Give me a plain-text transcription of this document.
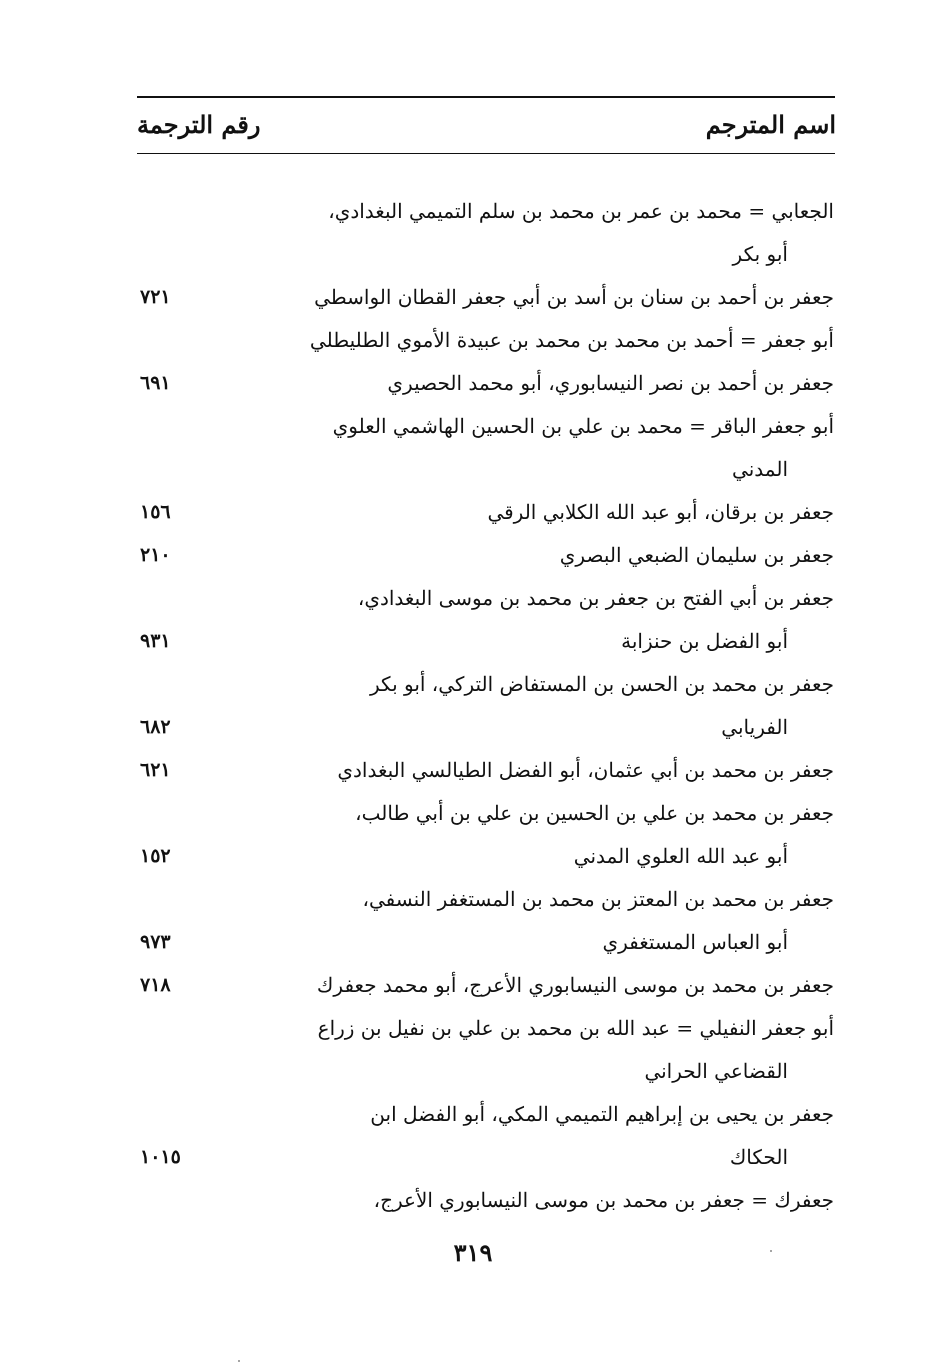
اسم المترجم
رقم الترجمة
الجعابي = محمد بن عمر بن محمد بن سلم التميمي البغدادي،
أبو بكر
جعفر بن أحمد بن سنان بن أسد بن أبي جعفر القطان الواسطي
٧٢١
أبو جعفر = أحمد بن محمد بن محمد بن عبيدة الأموي الطليطلي
جعفر بن أحمد بن نصر النيسابوري، أبو محمد الحصيري
٦٩١
أبو جعفر الباقر = محمد بن علي بن الحسين الهاشمي العلوي
المدني
جعفر بن برقان، أبو عبد الله الكلابي الرقي
١٥٦
جعفر بن سليمان الضبعي البصري
٢١٠
جعفر بن أبي الفتح بن جعفر بن محمد بن موسى البغدادي،
أبو الفضل بن حنزابة
٩٣١
جعفر بن محمد بن الحسن بن المستفاض التركي، أبو بكر
الفريابي
٦٨٢
جعفر بن محمد بن أبي عثمان، أبو الفضل الطيالسي البغدادي
٦٢١
جعفر بن محمد بن علي بن الحسين بن علي بن أبي طالب،
أبو عبد الله العلوي المدني
١٥٢
جعفر بن محمد بن المعتز بن محمد بن المستغفر النسفي،
أبو العباس المستغفري
٩٧٣
جعفر بن محمد بن موسى النيسابوري الأعرج، أبو محمد جعفرك
٧١٨
أبو جعفر النفيلي = عبد الله بن محمد بن علي بن نفيل بن زراع
القضاعي الحراني
جعفر بن يحيى بن إبراهيم التميمي المكي، أبو الفضل ابن
الحكاك
١٠١٥
جعفرك = جعفر بن محمد بن موسى النيسابوري الأعرج،
٣١٩
